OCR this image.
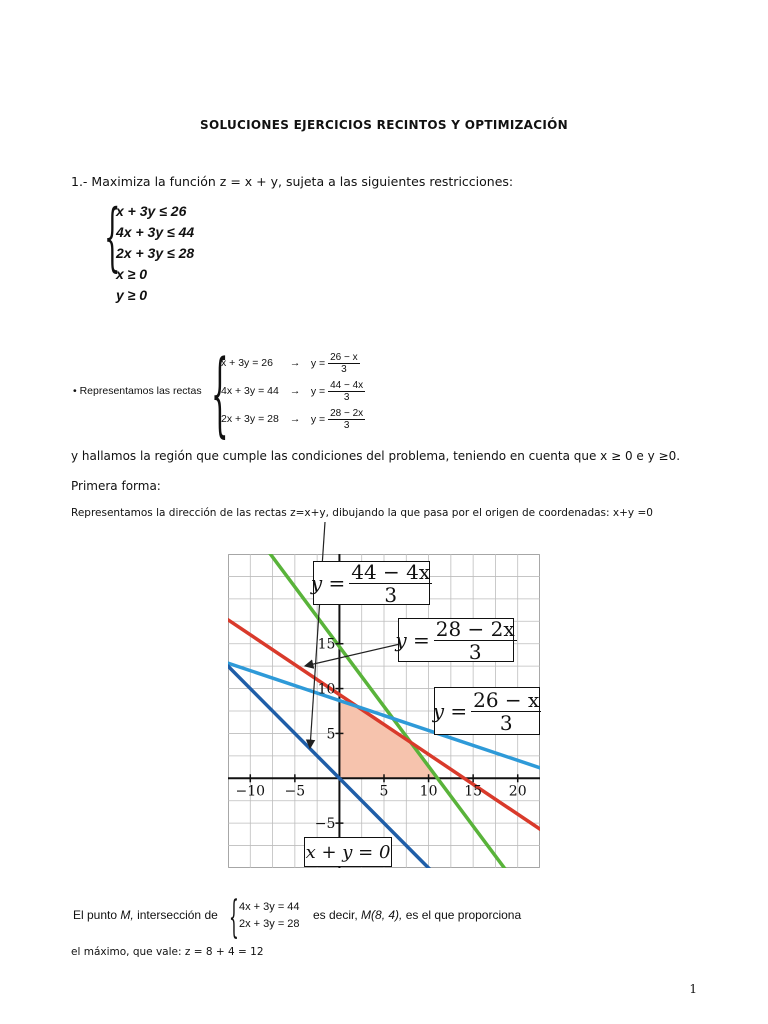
SOLUCIONES EJERCICIOS RECINTOS Y OPTIMIZACIÓN
1.- Maximiza la función z = x + y, sujeta a las siguientes restricciones:
{
x + 3y ≤ 26
4x + 3y ≤ 44
2x + 3y ≤ 28
x ≥ 0
y ≥ 0
• Representamos las rectas {
$x + 3y = 26 \to y = \frac{26 - x}{3}$
$4x + 3y = 44 \to y = \frac{44 - 4x}{3}$
$2x + 3y = 28 \to y = \frac{28 - 2x}{3}$
y hallamos la región que cumple las condiciones del problema, teniendo en cuenta que x ≥ 0 e y ≥0.
Primera forma:
Representamos la dirección de las rectas z=x+y, dibujando la que pasa por el origen de coordenadas: x+y =0
−10 −5	5 10 15 20
15
10
5
−5
$y = \frac{44 - 4x}{3}$
$y = \frac{28 - 2x}{3}$
$y = \frac{26 - x}{3}$
x + y = 0
El punto M, intersección de { 4x + 3y = 44
2x + 3y = 28
es decir, M(8, 4), es el que proporciona
el máximo, que vale: z = 8 + 4 = 12
1
